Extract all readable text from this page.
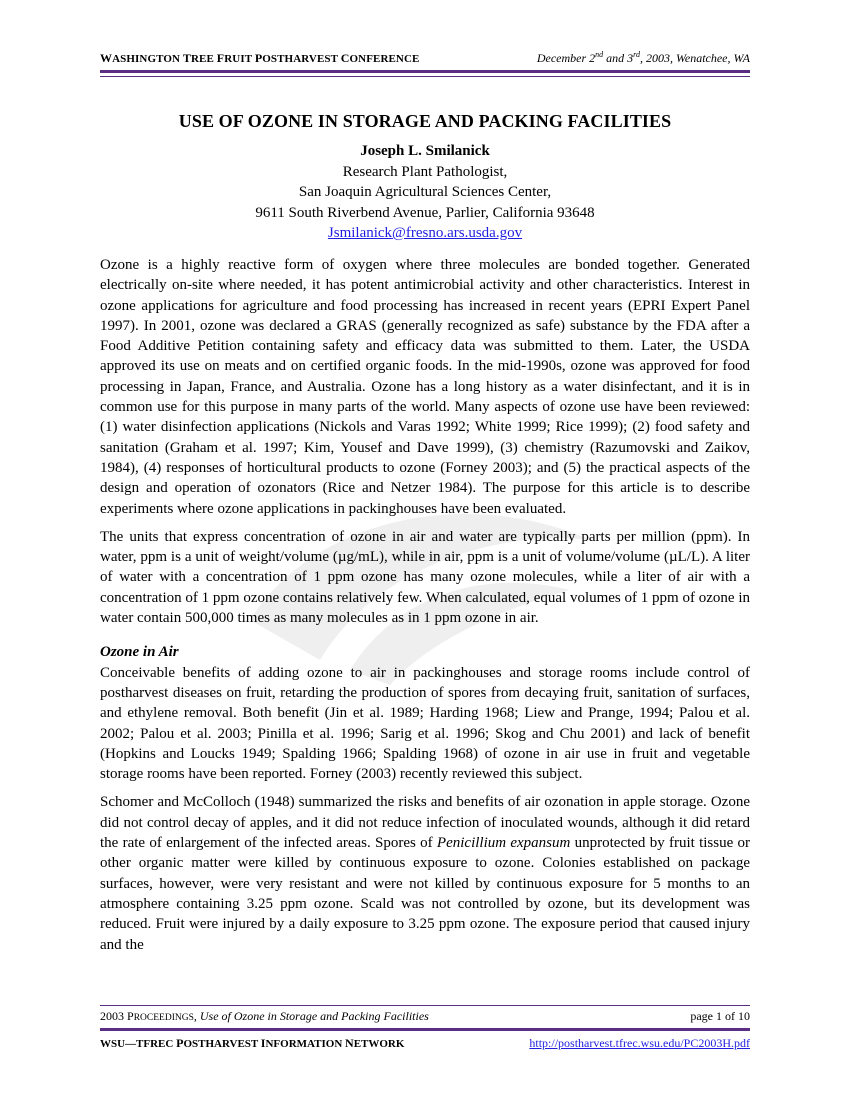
WASHINGTON TREE FRUIT POSTHARVEST CONFERENCE	December 2nd and 3rd, 2003, Wenatchee, WA
USE OF OZONE IN STORAGE AND PACKING FACILITIES
Joseph L. Smilanick
Research Plant Pathologist,
San Joaquin Agricultural Sciences Center,
9611 South Riverbend Avenue, Parlier, California 93648
Jsmilanick@fresno.ars.usda.gov

Ozone is a highly reactive form of oxygen where three molecules are bonded together. Generated electrically on-site where needed, it has potent antimicrobial activity and other characteristics. Interest in ozone applications for agriculture and food processing has increased in recent years (EPRI Expert Panel 1997). In 2001, ozone was declared a GRAS (generally recognized as safe) substance by the FDA after a Food Additive Petition containing safety and efficacy data was submitted to them. Later, the USDA approved its use on meats and on certified organic foods. In the mid-1990s, ozone was approved for food processing in Japan, France, and Australia. Ozone has a long history as a water disinfectant, and it is in common use for this purpose in many parts of the world. Many aspects of ozone use have been reviewed: (1) water disinfection applications (Nickols and Varas 1992; White 1999; Rice 1999); (2) food safety and sanitation (Graham et al. 1997; Kim, Yousef and Dave 1999), (3) chemistry (Razumovski and Zaikov, 1984), (4) responses of horticultural products to ozone (Forney 2003); and (5) the practical aspects of the design and operation of ozonators (Rice and Netzer 1984). The purpose for this article is to describe experiments where ozone applications in packinghouses have been evaluated.

The units that express concentration of ozone in air and water are typically parts per million (ppm). In water, ppm is a unit of weight/volume (µg/mL), while in air, ppm is a unit of volume/volume (µL/L). A liter of water with a concentration of 1 ppm ozone has many ozone molecules, while a liter of air with a concentration of 1 ppm ozone contains relatively few. When calculated, equal volumes of 1 ppm of ozone in water contain 500,000 times as many molecules as in 1 ppm ozone in air.

Ozone in Air

Conceivable benefits of adding ozone to air in packinghouses and storage rooms include control of postharvest diseases on fruit, retarding the production of spores from decaying fruit, sanitation of surfaces, and ethylene removal. Both benefit (Jin et al. 1989; Harding 1968; Liew and Prange, 1994; Palou et al. 2002; Palou et al. 2003; Pinilla et al. 1996; Sarig et al. 1996; Skog and Chu 2001) and lack of benefit (Hopkins and Loucks 1949; Spalding 1966; Spalding 1968) of ozone in air use in fruit and vegetable storage rooms have been reported. Forney (2003) recently reviewed this subject.

Schomer and McColloch (1948) summarized the risks and benefits of air ozonation in apple storage. Ozone did not control decay of apples, and it did not reduce infection of inoculated wounds, although it did retard the rate of enlargement of the infected areas. Spores of Penicillium expansum unprotected by fruit tissue or other organic matter were killed by continuous exposure to ozone. Colonies established on package surfaces, however, were very resistant and were not killed by continuous exposure for 5 months to an atmosphere containing 3.25 ppm ozone. Scald was not controlled by ozone, but its development was reduced. Fruit were injured by a daily exposure to 3.25 ppm ozone. The exposure period that caused injury and the

2003 PROCEEDINGS, Use of Ozone in Storage and Packing Facilities	page 1 of 10
WSU—TFREC POSTHARVEST INFORMATION NETWORK	http://postharvest.tfrec.wsu.edu/PC2003H.pdf
